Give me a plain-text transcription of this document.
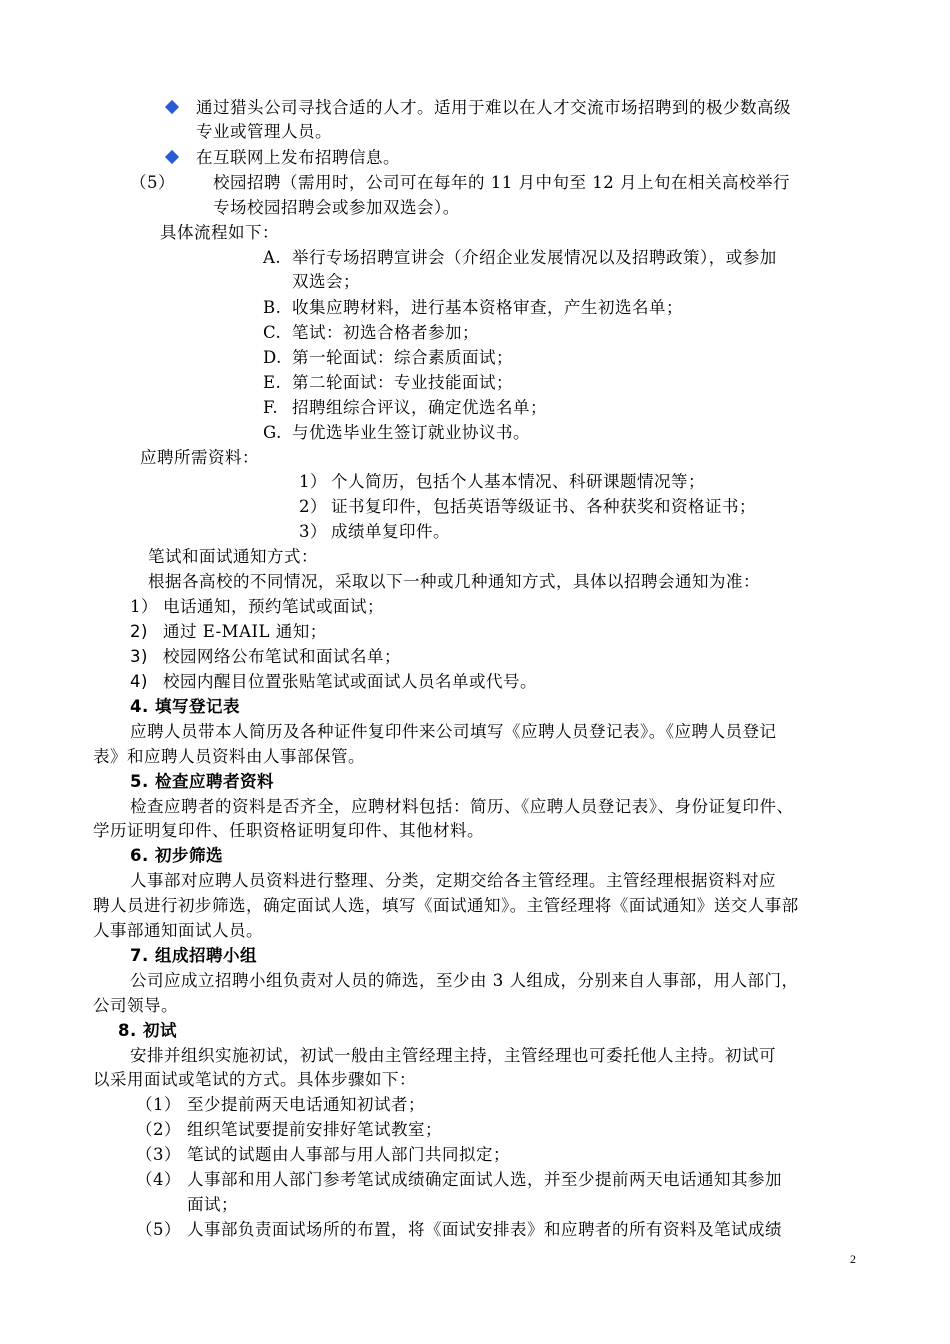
通过猎头公司寻找合适的人才。适用于难以在人才交流市场招聘到的极少数高级
专业或管理人员。
在互联网上发布招聘信息。
（5） 校园招聘（需用时，公司可在每年的 11 月中旬至 12 月上旬在相关高校举行
专场校园招聘会或参加双选会）。
具体流程如下：
A. 举行专场招聘宣讲会（介绍企业发展情况以及招聘政策），或参加
双选会；
B. 收集应聘材料，进行基本资格审查，产生初选名单；
C. 笔试：初选合格者参加；
D. 第一轮面试：综合素质面试；
E. 第二轮面试：专业技能面试；
F. 招聘组综合评议，确定优选名单；
G. 与优选毕业生签订就业协议书。
应聘所需资料：
1） 个人简历，包括个人基本情况、科研课题情况等；
2） 证书复印件，包括英语等级证书、各种获奖和资格证书；
3） 成绩单复印件。
笔试和面试通知方式：
根据各高校的不同情况，采取以下一种或几种通知方式，具体以招聘会通知为准：
1） 电话通知，预约笔试或面试；
2) 通过 E-MAIL 通知；
3) 校园网络公布笔试和面试名单；
4) 校园内醒目位置张贴笔试或面试人员名单或代号。
4. 填写登记表
应聘人员带本人简历及各种证件复印件来公司填写《应聘人员登记表》。《应聘人员登记
表》和应聘人员资料由人事部保管。
5. 检查应聘者资料
检查应聘者的资料是否齐全，应聘材料包括：简历、《应聘人员登记表》、身份证复印件、
学历证明复印件、任职资格证明复印件、其他材料。
6. 初步筛选
人事部对应聘人员资料进行整理、分类，定期交给各主管经理。主管经理根据资料对应
聘人员进行初步筛选，确定面试人选，填写《面试通知》。主管经理将《面试通知》送交人事部
人事部通知面试人员。
7. 组成招聘小组
公司应成立招聘小组负责对人员的筛选，至少由 3 人组成，分别来自人事部，用人部门，
公司领导。
8. 初试
安排并组织实施初试，初试一般由主管经理主持，主管经理也可委托他人主持。初试可
以采用面试或笔试的方式。具体步骤如下：
（1） 至少提前两天电话通知初试者；
（2） 组织笔试要提前安排好笔试教室；
（3） 笔试的试题由人事部与用人部门共同拟定；
（4） 人事部和用人部门参考笔试成绩确定面试人选，并至少提前两天电话通知其参加
面试；
（5） 人事部负责面试场所的布置，将《面试安排表》和应聘者的所有资料及笔试成绩
2
